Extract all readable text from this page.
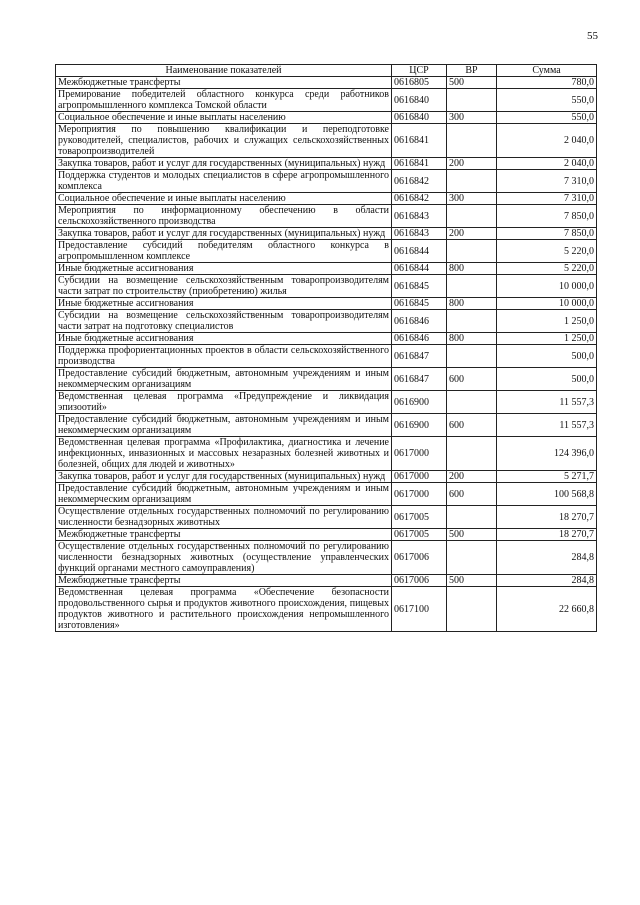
55
Наименование показателей	ЦСР	ВР	Сумма
Межбюджетные трансферты	0616805	500	780,0
Премирование победителей областного конкурса среди работников агропромышленного комплекса Томской области	0616840		550,0
Социальное обеспечение и иные выплаты населению	0616840	300	550,0
Мероприятия по повышению квалификации и переподготовке руководителей, специалистов, рабочих и служащих сельскохозяйственных товаропроизводителей	0616841		2 040,0
Закупка товаров, работ и услуг для государственных (муниципальных) нужд	0616841	200	2 040,0
Поддержка студентов и молодых специалистов в сфере агропромышленного комплекса	0616842		7 310,0
Социальное обеспечение и иные выплаты населению	0616842	300	7 310,0
Мероприятия по информационному обеспечению в области сельскохозяйственного производства	0616843		7 850,0
Закупка товаров, работ и услуг для государственных (муниципальных) нужд	0616843	200	7 850,0
Предоставление субсидий победителям областного конкурса в агропромышленном комплексе	0616844		5 220,0
Иные бюджетные ассигнования	0616844	800	5 220,0
Субсидии на возмещение сельскохозяйственным товаропроизводителям части затрат по строительству (приобретению) жилья	0616845		10 000,0
Иные бюджетные ассигнования	0616845	800	10 000,0
Субсидии на возмещение сельскохозяйственным товаропроизводителям части затрат на подготовку специалистов	0616846		1 250,0
Иные бюджетные ассигнования	0616846	800	1 250,0
Поддержка профориентационных проектов в области сельскохозяйственного производства	0616847		500,0
Предоставление субсидий бюджетным, автономным учреждениям и иным некоммерческим организациям	0616847	600	500,0
Ведомственная целевая программа «Предупреждение и ликвидация эпизоотий»	0616900		11 557,3
Предоставление субсидий бюджетным, автономным учреждениям и иным некоммерческим организациям	0616900	600	11 557,3
Ведомственная целевая программа «Профилактика, диагностика и лечение инфекционных, инвазионных и массовых незаразных болезней животных и болезней, общих для людей и животных»	0617000		124 396,0
Закупка товаров, работ и услуг для государственных (муниципальных) нужд	0617000	200	5 271,7
Предоставление субсидий бюджетным, автономным учреждениям и иным некоммерческим организациям	0617000	600	100 568,8
Осуществление отдельных государственных полномочий по регулированию численности безнадзорных животных	0617005		18 270,7
Межбюджетные трансферты	0617005	500	18 270,7
Осуществление отдельных государственных полномочий по регулированию численности безнадзорных животных (осуществление управленческих функций органами местного самоуправления)	0617006		284,8
Межбюджетные трансферты	0617006	500	284,8
Ведомственная целевая программа «Обеспечение безопасности продовольственного сырья и продуктов животного происхождения, пищевых продуктов животного и растительного происхождения непромышленного изготовления»	0617100		22 660,8
